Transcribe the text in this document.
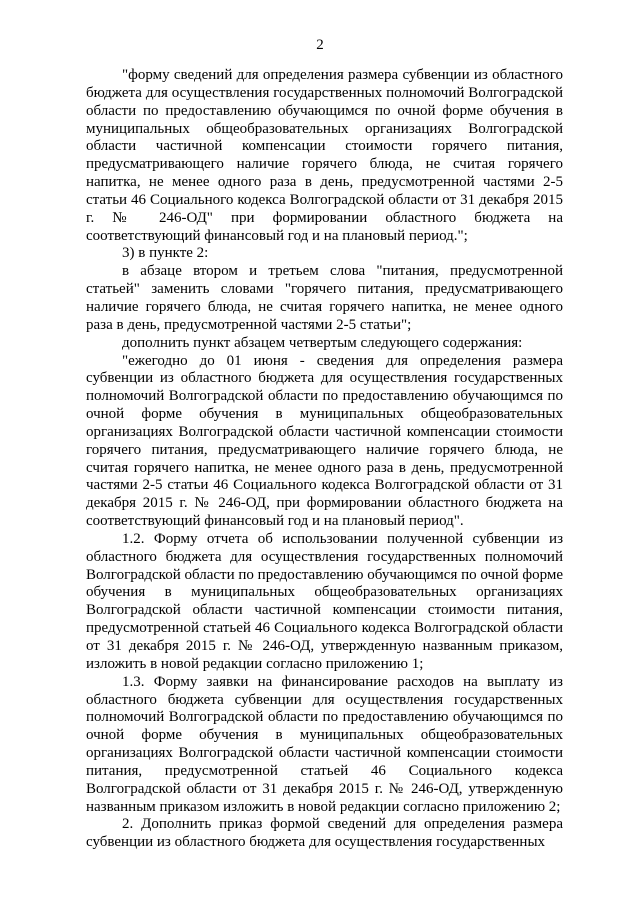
2

"форму сведений для определения размера субвенции из областного бюджета для осуществления государственных полномочий Волгоградской области по предоставлению обучающимся по очной форме обучения в муниципальных общеобразовательных организациях Волгоградской области частичной компенсации стоимости горячего питания, предусматривающего наличие горячего блюда, не считая горячего напитка, не менее одного раза в день, предусмотренной частями 2-5 статьи 46 Социального кодекса Волгоградской области от 31 декабря 2015 г. № 246-ОД" при формировании областного бюджета на соответствующий финансовый год и на плановый период.";

3) в пункте 2:

в абзаце втором и третьем слова "питания, предусмотренной статьей" заменить словами "горячего питания, предусматривающего наличие горячего блюда, не считая горячего напитка, не менее одного раза в день, предусмотренной частями 2-5 статьи";

дополнить пункт абзацем четвертым следующего содержания:

"ежегодно до 01 июня - сведения для определения размера субвенции из областного бюджета для осуществления государственных полномочий Волгоградской области по предоставлению обучающимся по очной форме обучения в муниципальных общеобразовательных организациях Волгоградской области частичной компенсации стоимости горячего питания, предусматривающего наличие горячего блюда, не считая горячего напитка, не менее одного раза в день, предусмотренной частями 2-5 статьи 46 Социального кодекса Волгоградской области от 31 декабря 2015 г. № 246-ОД, при формировании областного бюджета на соответствующий финансовый год и на плановый период".

1.2. Форму отчета об использовании полученной субвенции из областного бюджета для осуществления государственных полномочий Волгоградской области по предоставлению обучающимся по очной форме обучения в муниципальных общеобразовательных организациях Волгоградской области частичной компенсации стоимости питания, предусмотренной статьей 46 Социального кодекса Волгоградской области от 31 декабря 2015 г. № 246-ОД, утвержденную названным приказом, изложить в новой редакции согласно приложению 1;

1.3. Форму заявки на финансирование расходов на выплату из областного бюджета субвенции для осуществления государственных полномочий Волгоградской области по предоставлению обучающимся по очной форме обучения в муниципальных общеобразовательных организациях Волгоградской области частичной компенсации стоимости питания, предусмотренной статьей 46 Социального кодекса Волгоградской области от 31 декабря 2015 г. № 246-ОД, утвержденную названным приказом изложить в новой редакции согласно приложению 2;

2. Дополнить приказ формой сведений для определения размера субвенции из областного бюджета для осуществления государственных
